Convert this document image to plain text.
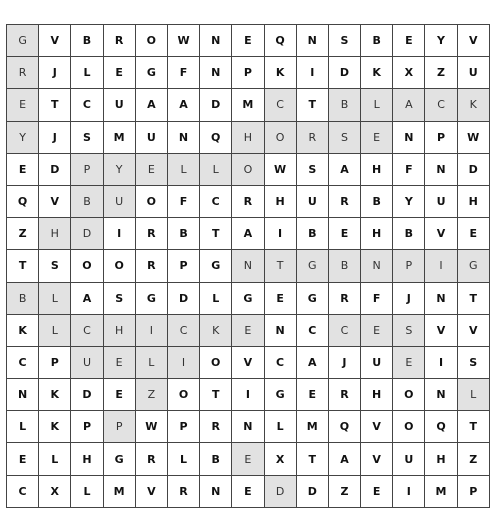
G	V	B	R	O	W	N	E	Q	N	S	B	E	Y	V
R	J	L	E	G	F	N	P	K	I	D	K	X	Z	U
E	T	C	U	A	A	D	M	C	T	B	L	A	C	K
Y	J	S	M	U	N	Q	H	O	R	S	E	N	P	W
E	D	P	Y	E	L	L	O	W	S	A	H	F	N	D
Q	V	B	U	O	F	C	R	H	U	R	B	Y	U	H
Z	H	D	I	R	B	T	A	I	B	E	H	B	V	E
T	S	O	O	R	P	G	N	T	G	B	N	P	I	G
B	L	A	S	G	D	L	G	E	G	R	F	J	N	T
K	L	C	H	I	C	K	E	N	C	C	E	S	V	V
C	P	U	E	L	I	O	V	C	A	J	U	E	I	S
N	K	D	E	Z	O	T	I	G	E	R	H	O	N	L
L	K	P	P	W	P	R	N	L	M	Q	V	O	Q	T
E	L	H	G	R	L	B	E	X	T	A	V	U	H	Z
C	X	L	M	V	R	N	E	D	D	Z	E	I	M	P
